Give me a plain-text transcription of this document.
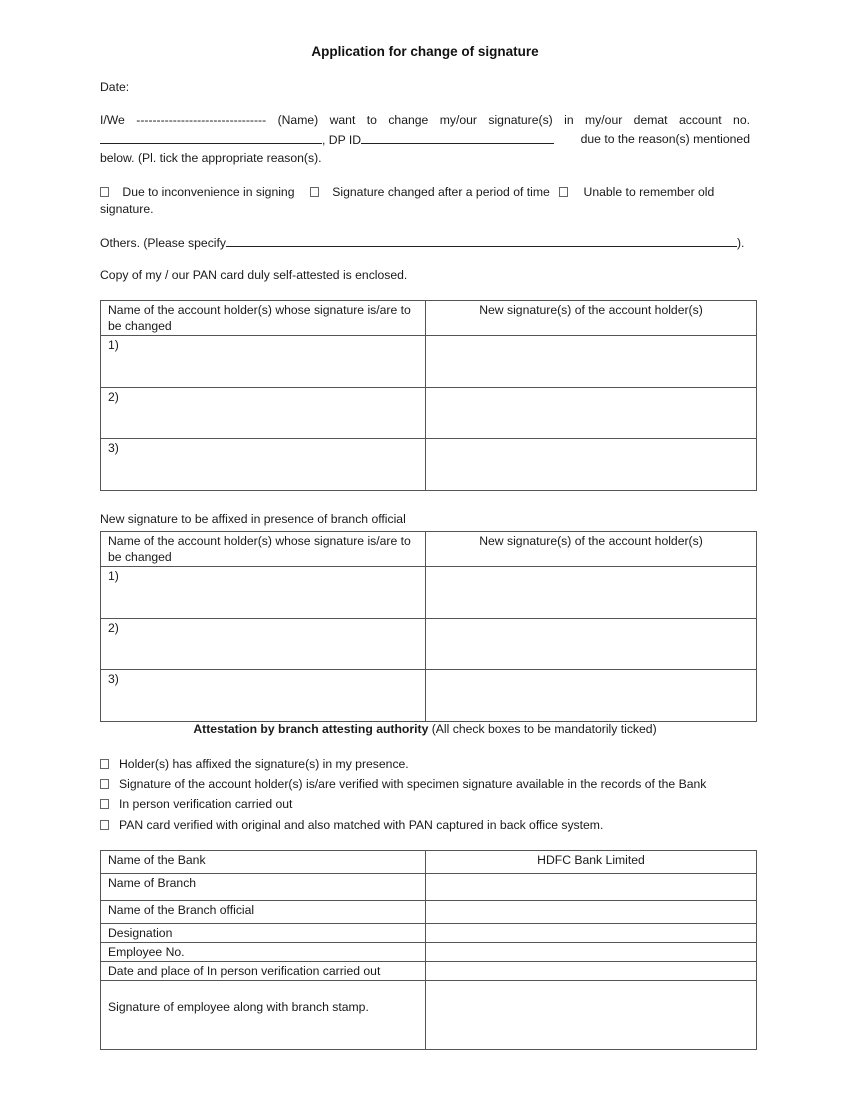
Application for change of signature
Date:
I/We -------------------------------- (Name) want to change my/our signature(s) in my/our demat account no.
, DP ID	due to the reason(s) mentioned
below. (Pl. tick the appropriate reason(s).
Due to inconvenience in signing	Signature changed after a period of time	Unable to remember old
signature.
Others. (Please specify	).
Copy of my / our PAN card duly self-attested is enclosed.
Name of the account holder(s) whose signature is/are to be changed	New signature(s) of the account holder(s)
1)	
2)	
3)	
New signature to be affixed in presence of branch official
Name of the account holder(s) whose signature is/are to be changed	New signature(s) of the account holder(s)
1)	
2)	
3)	
Attestation by branch attesting authority (All check boxes to be mandatorily ticked)
Holder(s) has affixed the signature(s) in my presence.
Signature of the account holder(s) is/are verified with specimen signature available in the records of the Bank
In person verification carried out
PAN card verified with original and also matched with PAN captured in back office system.
Name of the Bank	HDFC Bank Limited
Name of Branch	
Name of the Branch official	
Designation	
Employee No.	
Date and place of In person verification carried out	
Signature of employee along with branch stamp.	
